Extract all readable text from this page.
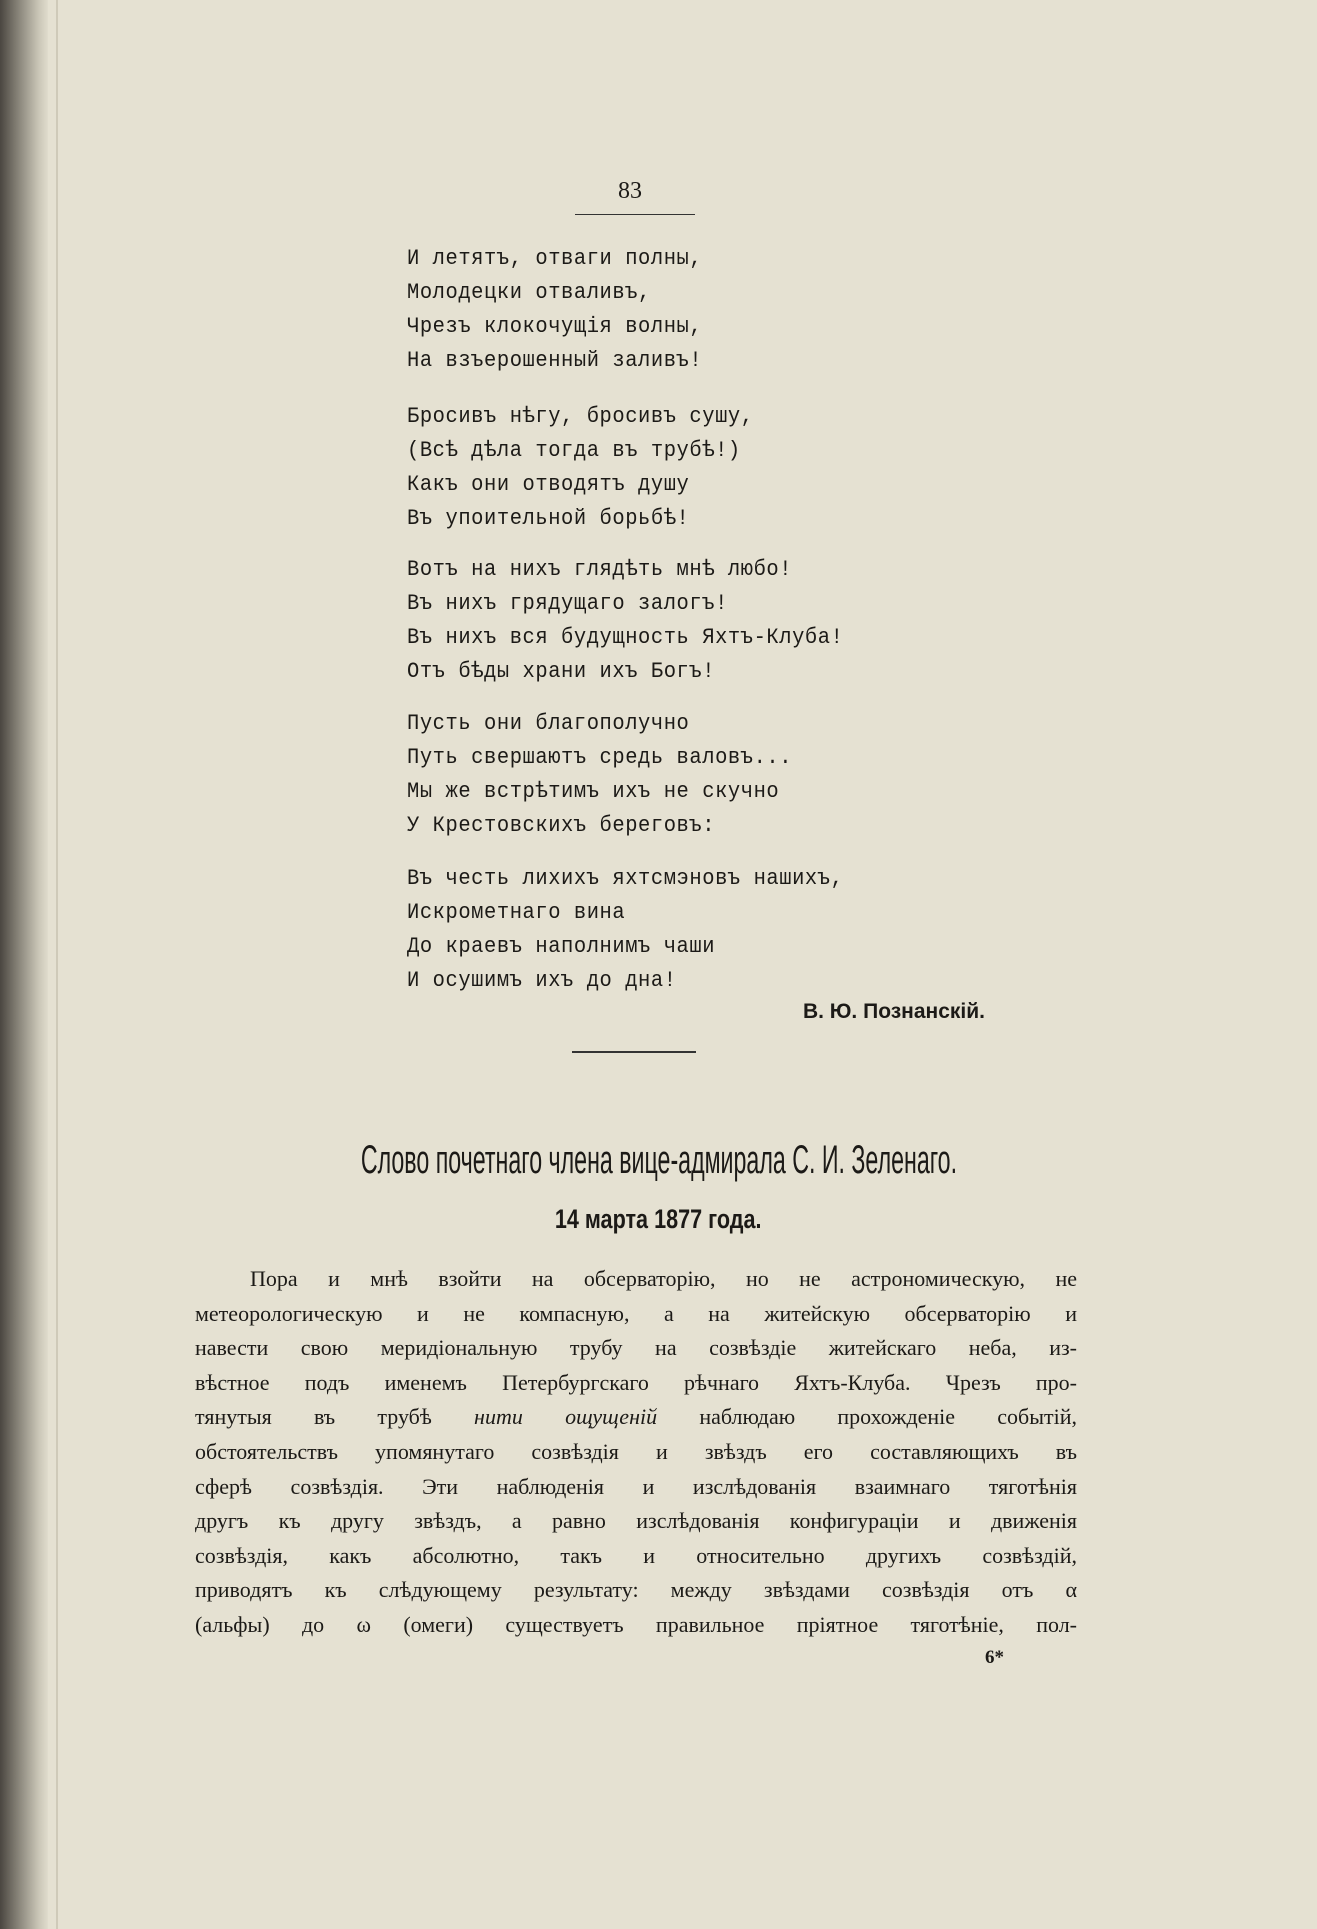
83
И летятъ, отваги полны,
Молодецки отваливъ,
Чрезъ клокочущія волны,
На взъерошенный заливъ!
Бросивъ нѣгу, бросивъ сушу,
(Всѣ дѣла тогда въ трубѣ!)
Какъ они отводятъ душу
Въ упоительной борьбѣ!
Вотъ на нихъ глядѣть мнѣ любо!
Въ нихъ грядущаго залогъ!
Въ нихъ вся будущность Яхтъ-Клуба!
Отъ бѣды храни ихъ Богъ!
Пусть они благополучно
Путь свершаютъ средь валовъ...
Мы же встрѣтимъ ихъ не скучно
У Крестовскихъ береговъ:
Въ честь лихихъ яхтсмэновъ нашихъ,
Искрометнаго вина
До краевъ наполнимъ чаши
И осушимъ ихъ до дна!
В. Ю. Познанскій.
Слово почетнаго члена вице-адмирала С. И. Зеленаго.
14 марта 1877 года.
Пора и мнѣ взойти на обсерваторію, но не астрономическую, не
метеорологическую и не компасную, а на житейскую обсерваторію и
навести свою меридіональную трубу на созвѣздіе житейскаго неба, из-
вѣстное подъ именемъ Петербургскаго рѣчнаго Яхтъ-Клуба. Чрезъ про-
тянутыя въ трубѣ нити ощущеній наблюдаю прохожденіе событій,
обстоятельствъ упомянутаго созвѣздія и звѣздъ его составляющихъ въ
сферѣ созвѣздія. Эти наблюденія и изслѣдованія взаимнаго тяготѣнія
другъ къ другу звѣздъ, а равно изслѣдованія конфигураціи и движенія
созвѣздія, какъ абсолютно, такъ и относительно другихъ созвѣздій,
приводятъ къ слѣдующему результату: между звѣздами созвѣздія отъ α
(альфы) до ω (омеги) существуетъ правильное пріятное тяготѣніе, пол-
6*
